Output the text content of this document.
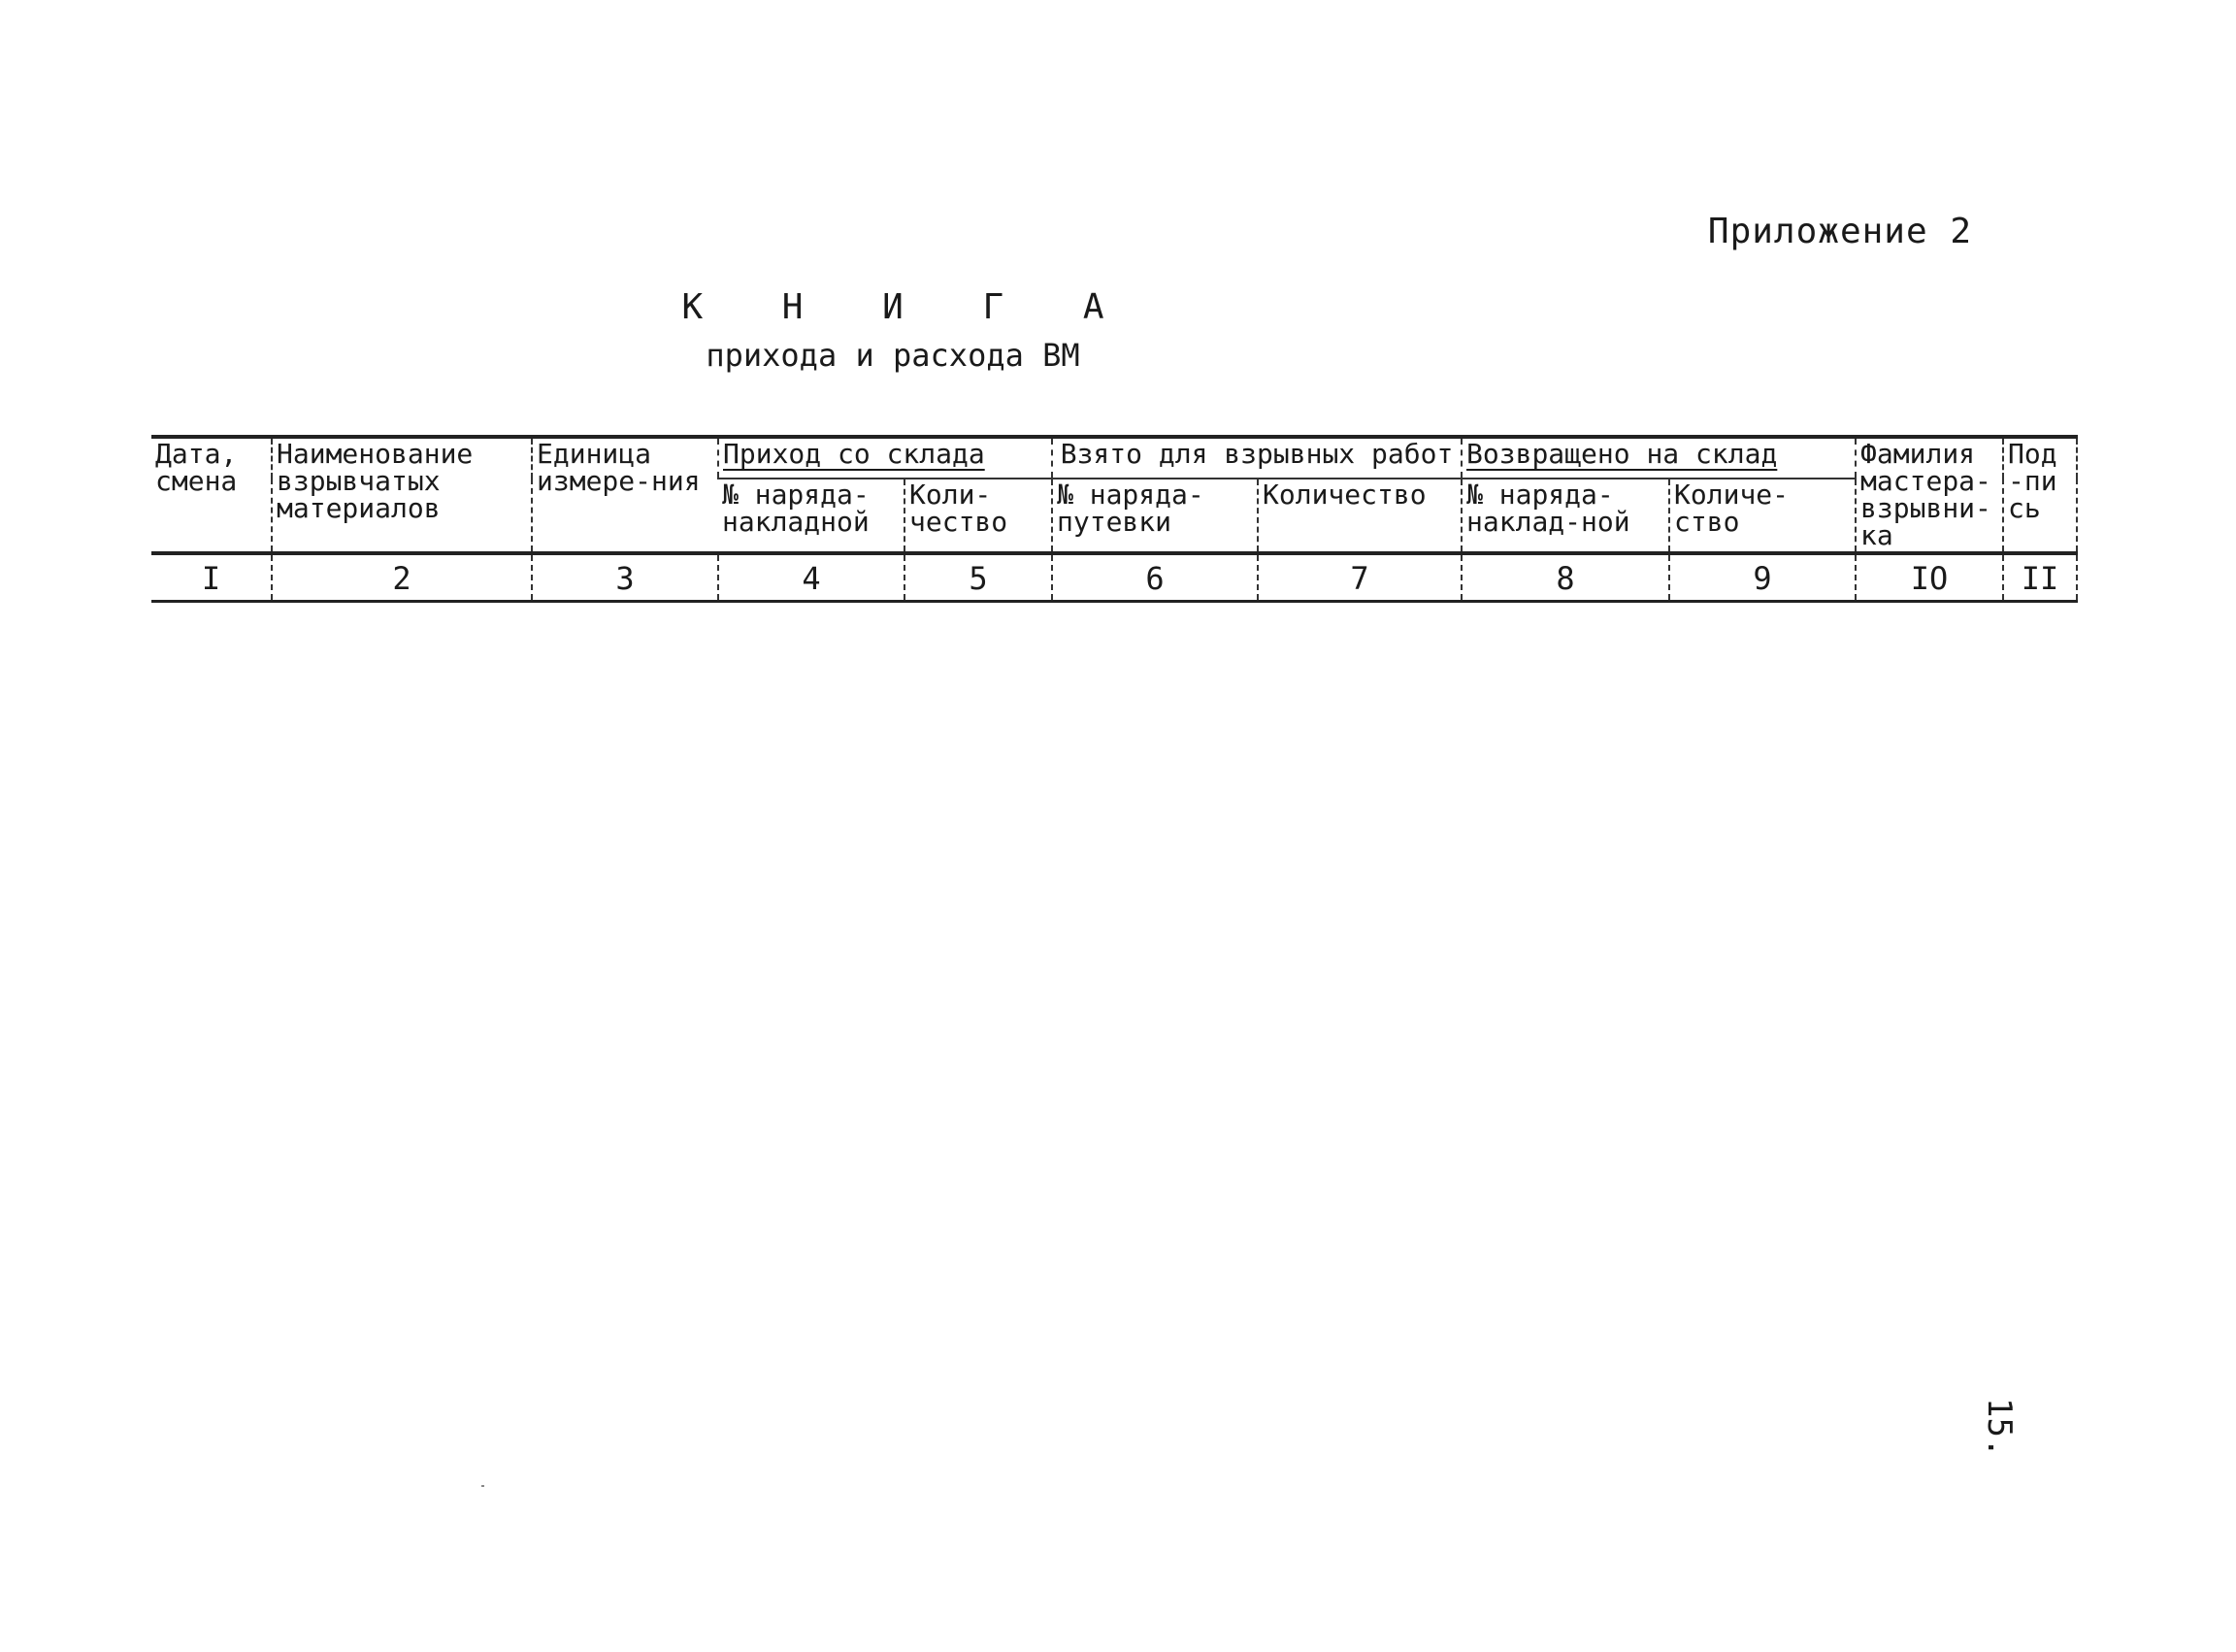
Приложение 2
К Н И Г А
прихода и расхода ВМ
Дата, смена	Наименование взрывчатых материалов	Единица измере-ния	Приход со склада		Взято для взрывных работ		Возвращено на склад		Фамилия мастера-взрывни-ка	Под-пись
			№ наряда-накладной	Коли-чество	№ наряда-путевки	Количество	№ наряда-наклад-ной	Количе-ство		
I	2	3	4	5	6	7	8	9	IO	II
15.
